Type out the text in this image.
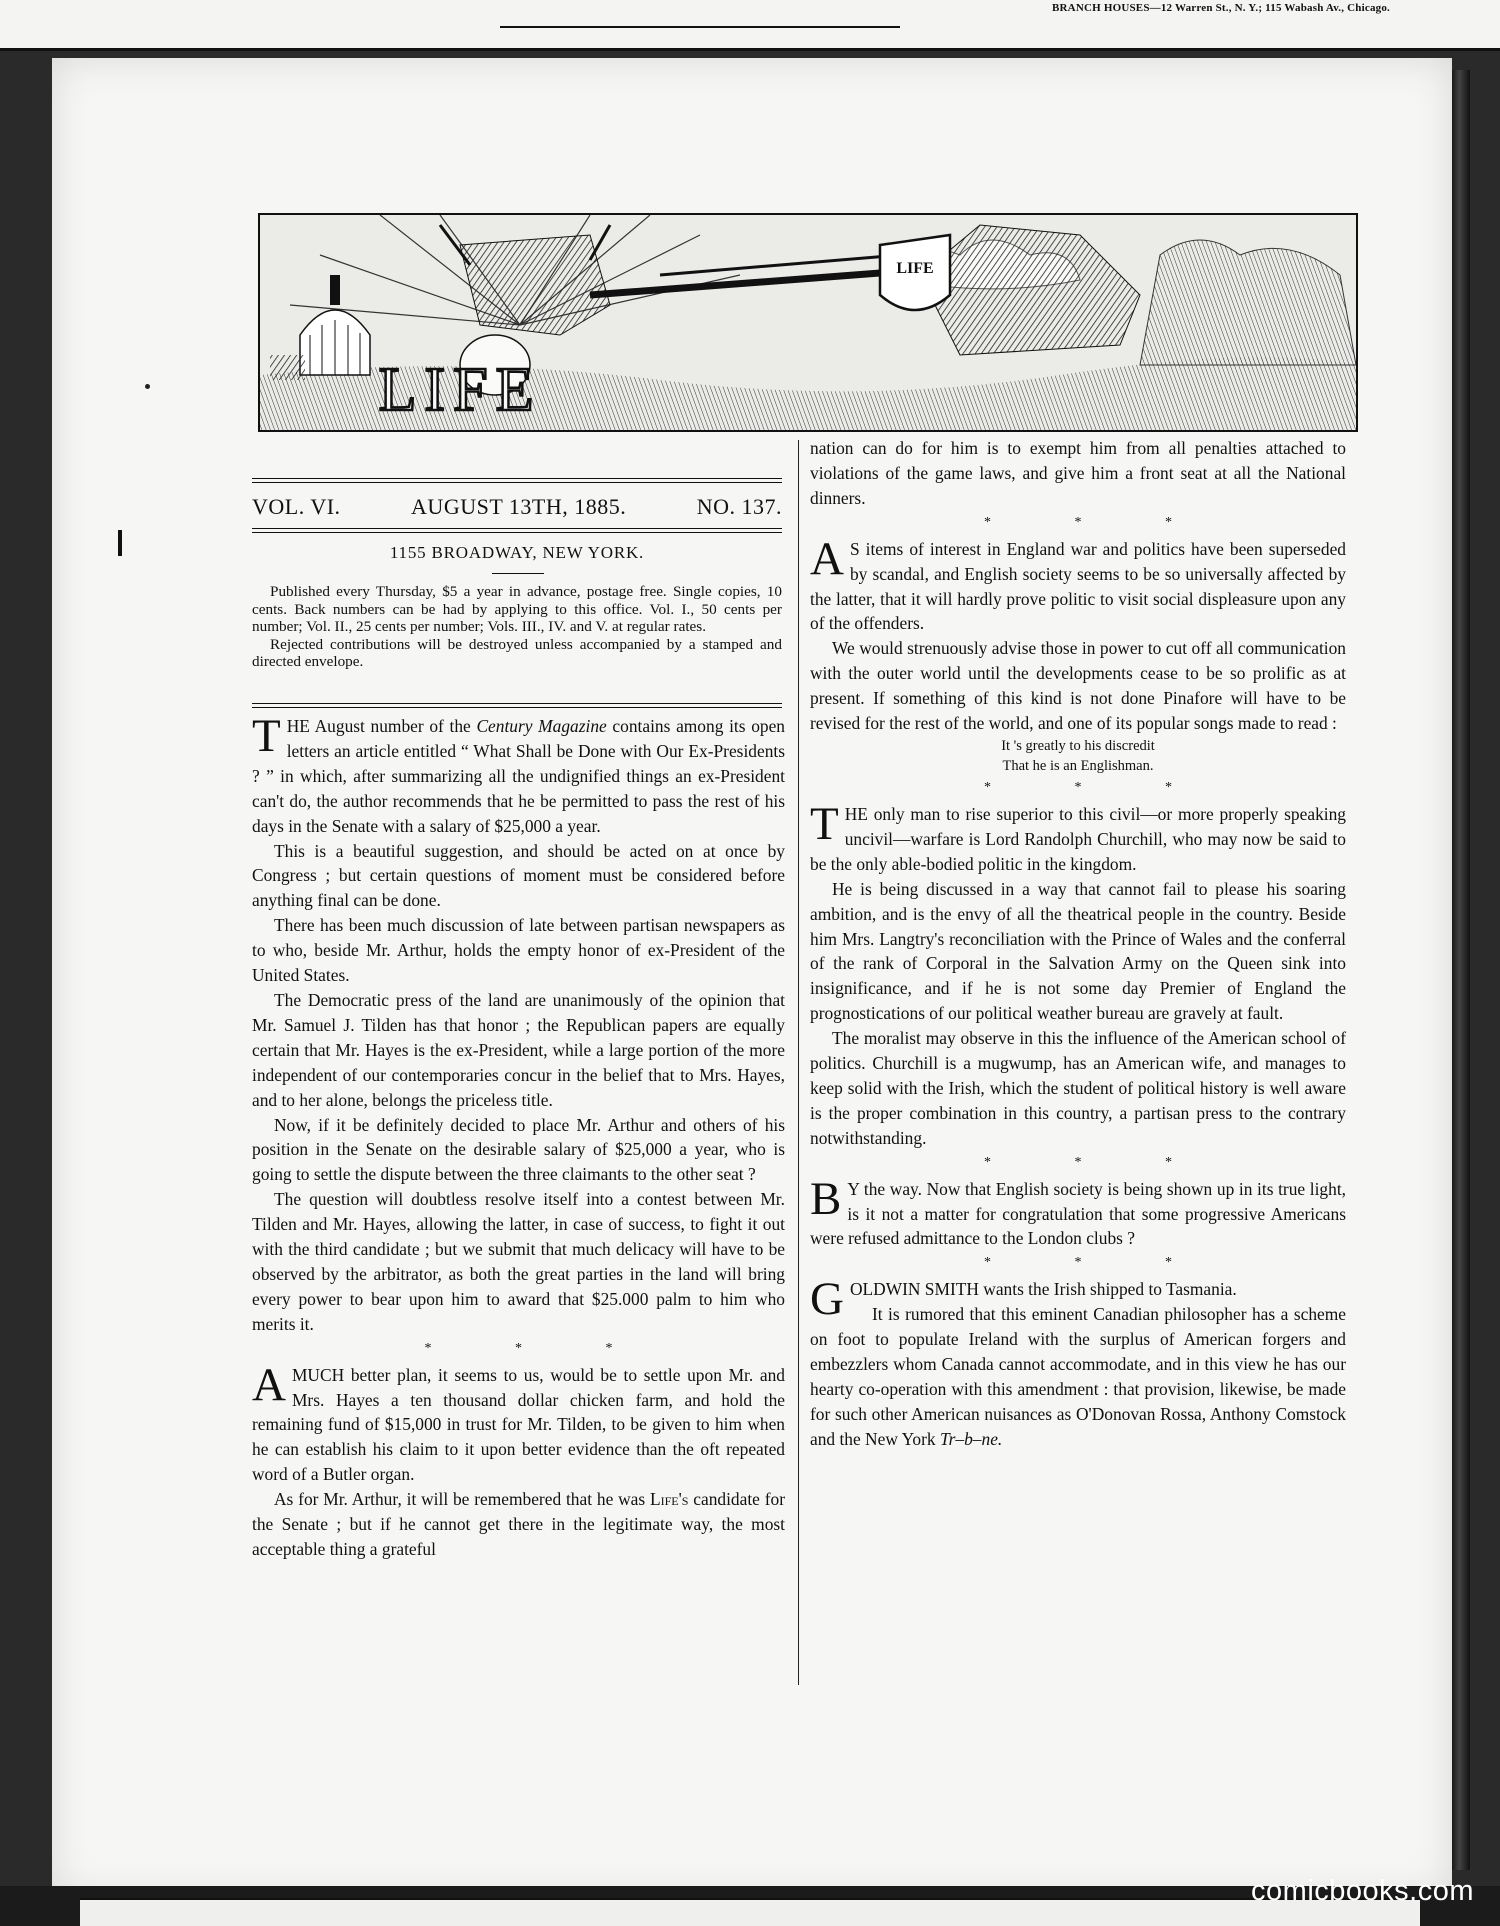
BRANCH HOUSES—12 Warren St., N. Y.; 115 Wabash Av., Chicago.
LIFE
LIFE
VOL. VI.	AUGUST 13TH, 1885.	NO. 137.
1155 BROADWAY, NEW YORK.

Published every Thursday, $5 a year in advance, postage free. Single copies, 10 cents. Back numbers can be had by applying to this office. Vol. I., 50 cents per number; Vol. II., 25 cents per number; Vols. III., IV. and V. at regular rates.

Rejected contributions will be destroyed unless accompanied by a stamped and directed envelope.

THE August number of the Century Magazine contains among its open letters an article entitled “ What Shall be Done with Our Ex-Presidents ? ” in which, after summarizing all the undignified things an ex-President can't do, the author recommends that he be permitted to pass the rest of his days in the Senate with a salary of $25,000 a year.

This is a beautiful suggestion, and should be acted on at once by Congress ; but certain questions of moment must be considered before anything final can be done.

There has been much discussion of late between partisan newspapers as to who, beside Mr. Arthur, holds the empty honor of ex-President of the United States.

The Democratic press of the land are unanimously of the opinion that Mr. Samuel J. Tilden has that honor ; the Republican papers are equally certain that Mr. Hayes is the ex-President, while a large portion of the more independent of our contemporaries concur in the belief that to Mrs. Hayes, and to her alone, belongs the priceless title.

Now, if it be definitely decided to place Mr. Arthur and others of his position in the Senate on the desirable salary of $25,000 a year, who is going to settle the dispute between the three claimants to the other seat ?

The question will doubtless resolve itself into a contest between Mr. Tilden and Mr. Hayes, allowing the latter, in case of success, to fight it out with the third candidate ; but we submit that much delicacy will have to be observed by the arbitrator, as both the great parties in the land will bring every power to bear upon him to award that $25.000 palm to him who merits it.

* * *

A MUCH better plan, it seems to us, would be to settle upon Mr. and Mrs. Hayes a ten thousand dollar chicken farm, and hold the remaining fund of $15,000 in trust for Mr. Tilden, to be given to him when he can establish his claim to it upon better evidence than the oft repeated word of a Butler organ.

As for Mr. Arthur, it will be remembered that he was Life's candidate for the Senate ; but if he cannot get there in the legitimate way, the most acceptable thing a grateful

nation can do for him is to exempt him from all penalties attached to violations of the game laws, and give him a front seat at all the National dinners.

* * *

A S items of interest in England war and politics have been superseded by scandal, and English society seems to be so universally affected by the latter, that it will hardly prove politic to visit social displeasure upon any of the offenders.

We would strenuously advise those in power to cut off all communication with the outer world until the developments cease to be so prolific as at present. If something of this kind is not done Pinafore will have to be revised for the rest of the world, and one of its popular songs made to read :

It 's greatly to his discredit

That he is an Englishman.

* * *

THE only man to rise superior to this civil—or more properly speaking uncivil—warfare is Lord Randolph Churchill, who may now be said to be the only able-bodied politic in the kingdom.

He is being discussed in a way that cannot fail to please his soaring ambition, and is the envy of all the theatrical people in the country. Beside him Mrs. Langtry's reconciliation with the Prince of Wales and the conferral of the rank of Corporal in the Salvation Army on the Queen sink into insignificance, and if he is not some day Premier of England the prognostications of our political weather bureau are gravely at fault.

The moralist may observe in this the influence of the American school of politics. Churchill is a mugwump, has an American wife, and manages to keep solid with the Irish, which the student of political history is well aware is the proper combination in this country, a partisan press to the contrary notwithstanding.

* * *

B Y the way. Now that English society is being shown up in its true light, is it not a matter for congratulation that some progressive Americans were refused admittance to the London clubs ?

* * *

GOLDWIN SMITH wants the Irish shipped to Tasmania.

It is rumored that this eminent Canadian philosopher has a scheme on foot to populate Ireland with the surplus of American forgers and embezzlers whom Canada cannot accommodate, and in this view he has our hearty co-operation with this amendment : that provision, likewise, be made for such other American nuisances as O'Donovan Rossa, Anthony Comstock and the New York Tr–b–ne.

comicbooks.com
